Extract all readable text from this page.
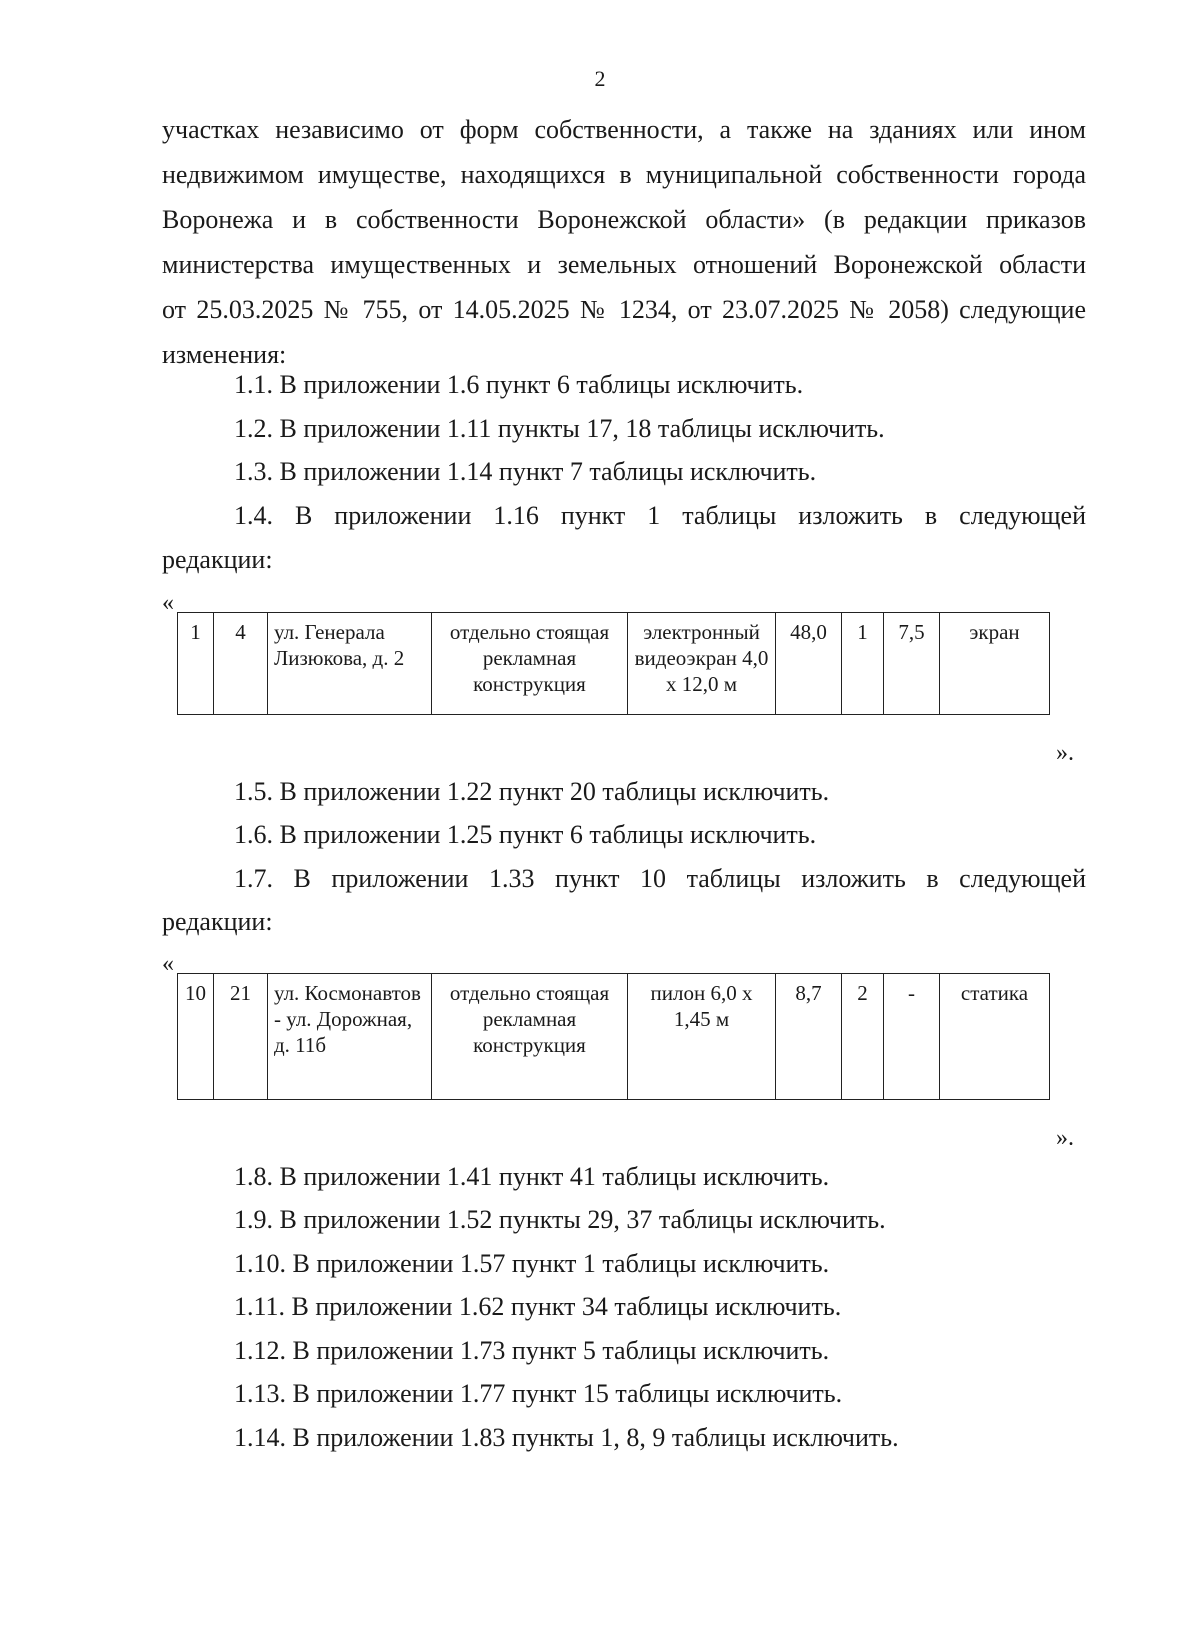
2
участках независимо от форм собственности, а также на зданиях или ином
недвижимом имуществе, находящихся в муниципальной собственности города
Воронежа и в собственности Воронежской области» (в редакции приказов
министерства имущественных и земельных отношений Воронежской области
от 25.03.2025 № 755, от 14.05.2025 № 1234, от 23.07.2025 № 2058) следующие
изменения:
1.1. В приложении 1.6 пункт 6 таблицы исключить.
1.2. В приложении 1.11 пункты 17, 18 таблицы исключить.
1.3. В приложении 1.14 пункт 7 таблицы исключить.
1.4. В приложении 1.16 пункт 1 таблицы изложить в следующей
редакции:
«
1	4	ул. Генерала Лизюкова, д. 2	отдельно стоящая рекламная конструкция	электронный видеоэкран 4,0 x 12,0 м	48,0	1	7,5	экран
».
1.5. В приложении 1.22 пункт 20 таблицы исключить.
1.6. В приложении 1.25 пункт 6 таблицы исключить.
1.7. В приложении 1.33 пункт 10 таблицы изложить в следующей
редакции:
«
10	21	ул. Космонавтов - ул. Дорожная, д. 11б	отдельно стоящая рекламная конструкция	пилон 6,0 x 1,45 м	8,7	2	-	статика
».
1.8. В приложении 1.41 пункт 41 таблицы исключить.
1.9. В приложении 1.52 пункты 29, 37 таблицы исключить.
1.10. В приложении 1.57 пункт 1 таблицы исключить.
1.11. В приложении 1.62 пункт 34 таблицы исключить.
1.12. В приложении 1.73 пункт 5 таблицы исключить.
1.13. В приложении 1.77 пункт 15 таблицы исключить.
1.14. В приложении 1.83 пункты 1, 8, 9 таблицы исключить.
